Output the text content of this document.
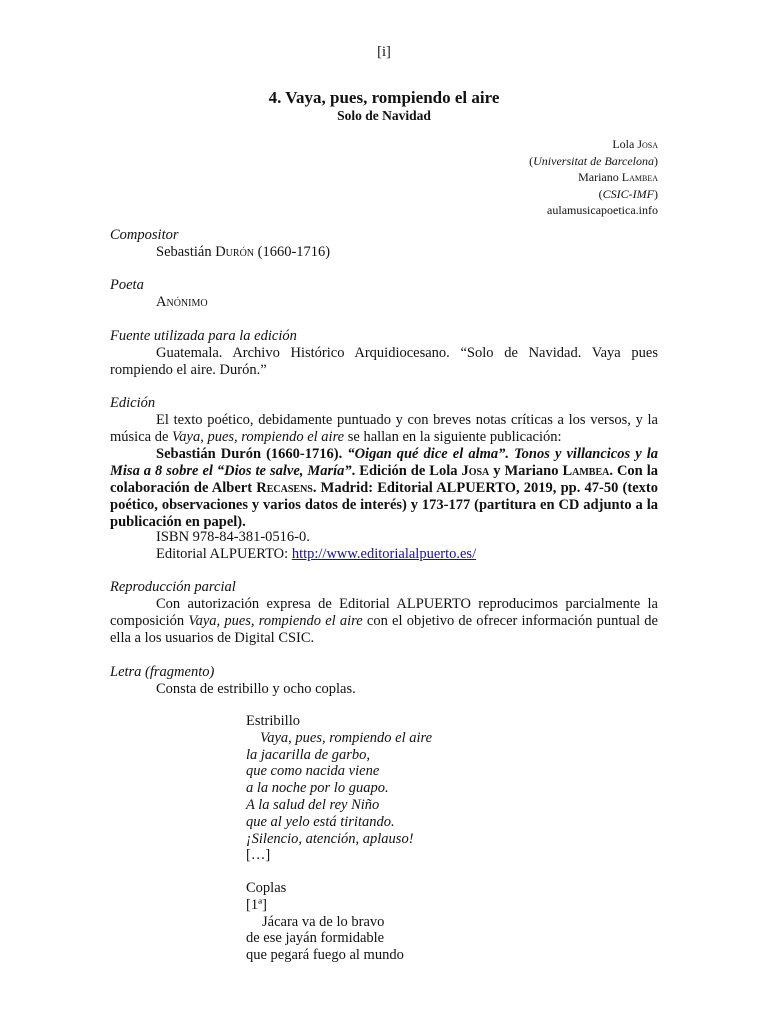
[i]
4. Vaya, pues, rompiendo el aire
Solo de Navidad
Lola Josa
(Universitat de Barcelona)
Mariano Lambea
(CSIC-IMF)
aulamusicapoetica.info
Compositor
Sebastián Durón (1660-1716)
Poeta
Anónimo
Fuente utilizada para la edición
Guatemala. Archivo Histórico Arquidiocesano. “Solo de Navidad. Vaya pues rompiendo el aire. Durón.”
Edición
El texto poético, debidamente puntuado y con breves notas críticas a los versos, y la música de Vaya, pues, rompiendo el aire se hallan en la siguiente publicación:
Sebastián Durón (1660-1716). “Oigan qué dice el alma”. Tonos y villancicos y la Misa a 8 sobre el “Dios te salve, María”. Edición de Lola Josa y Mariano Lambea. Con la colaboración de Albert Recasens. Madrid: Editorial ALPUERTO, 2019, pp. 47-50 (texto poético, observaciones y varios datos de interés) y 173-177 (partitura en CD adjunto a la publicación en papel).
ISBN 978-84-381-0516-0.
Editorial ALPUERTO: http://www.editorialalpuerto.es/
Reproducción parcial
Con autorización expresa de Editorial ALPUERTO reproducimos parcialmente la composición Vaya, pues, rompiendo el aire con el objetivo de ofrecer información puntual de ella a los usuarios de Digital CSIC.
Letra (fragmento)
Consta de estribillo y ocho coplas.
Estribillo
Vaya, pues, rompiendo el aire
la jacarilla de garbo,
que como nacida viene
a la noche por lo guapo.
A la salud del rey Niño
que al yelo está tiritando.
¡Silencio, atención, aplauso!
[…]
Coplas
[1ª]
Jácara va de lo bravo
de ese jayán formidable
que pegará fuego al mundo
